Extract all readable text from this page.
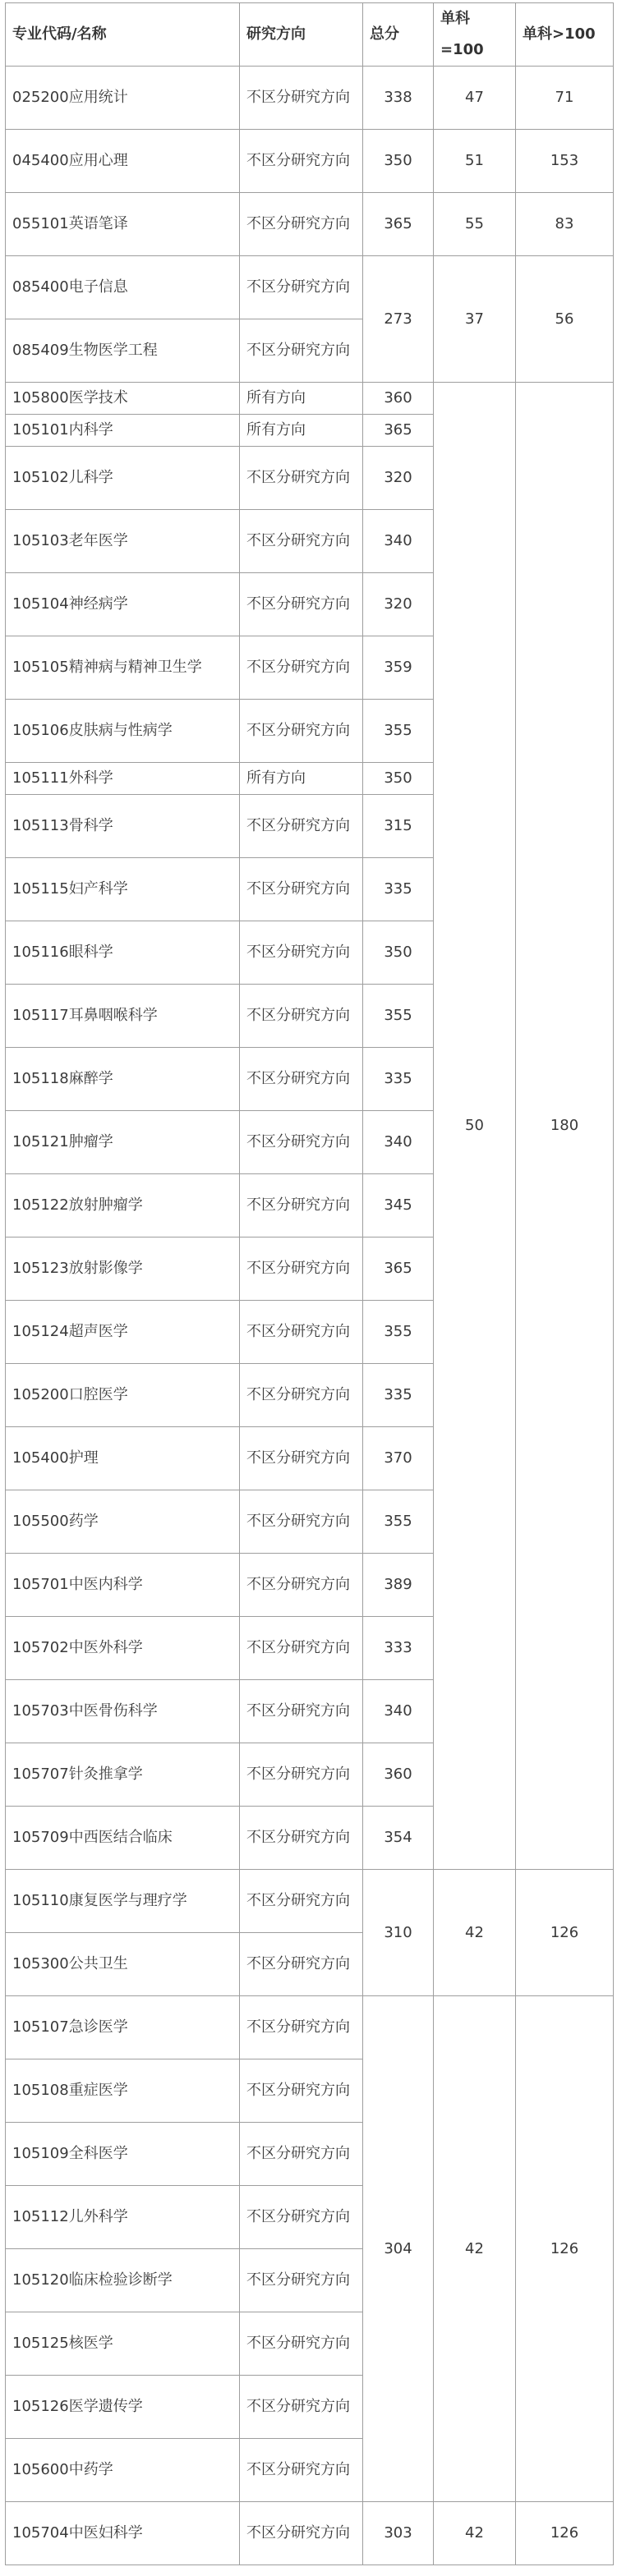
专业代码/名称	研究方向	总分	单科=100	单科>100
025200应用统计	不区分研究方向	338	47	71
045400应用心理	不区分研究方向	350	51	153
055101英语笔译	不区分研究方向	365	55	83
085400电子信息	不区分研究方向	273	37	56
085409生物医学工程	不区分研究方向			
105800医学技术	所有方向	360	50	180
105101内科学	所有方向	365		
105102儿科学	不区分研究方向	320		
105103老年医学	不区分研究方向	340		
105104神经病学	不区分研究方向	320		
105105精神病与精神卫生学	不区分研究方向	359		
105106皮肤病与性病学	不区分研究方向	355		
105111外科学	所有方向	350		
105113骨科学	不区分研究方向	315		
105115妇产科学	不区分研究方向	335		
105116眼科学	不区分研究方向	350		
105117耳鼻咽喉科学	不区分研究方向	355		
105118麻醉学	不区分研究方向	335		
105121肿瘤学	不区分研究方向	340		
105122放射肿瘤学	不区分研究方向	345		
105123放射影像学	不区分研究方向	365		
105124超声医学	不区分研究方向	355		
105200口腔医学	不区分研究方向	335		
105400护理	不区分研究方向	370		
105500药学	不区分研究方向	355		
105701中医内科学	不区分研究方向	389		
105702中医外科学	不区分研究方向	333		
105703中医骨伤科学	不区分研究方向	340		
105707针灸推拿学	不区分研究方向	360		
105709中西医结合临床	不区分研究方向	354		
105110康复医学与理疗学	不区分研究方向	310	42	126
105300公共卫生	不区分研究方向			
105107急诊医学	不区分研究方向	304	42	126
105108重症医学	不区分研究方向			
105109全科医学	不区分研究方向			
105112儿外科学	不区分研究方向			
105120临床检验诊断学	不区分研究方向			
105125核医学	不区分研究方向			
105126医学遗传学	不区分研究方向			
105600中药学	不区分研究方向			
105704中医妇科学	不区分研究方向	303	42	126
